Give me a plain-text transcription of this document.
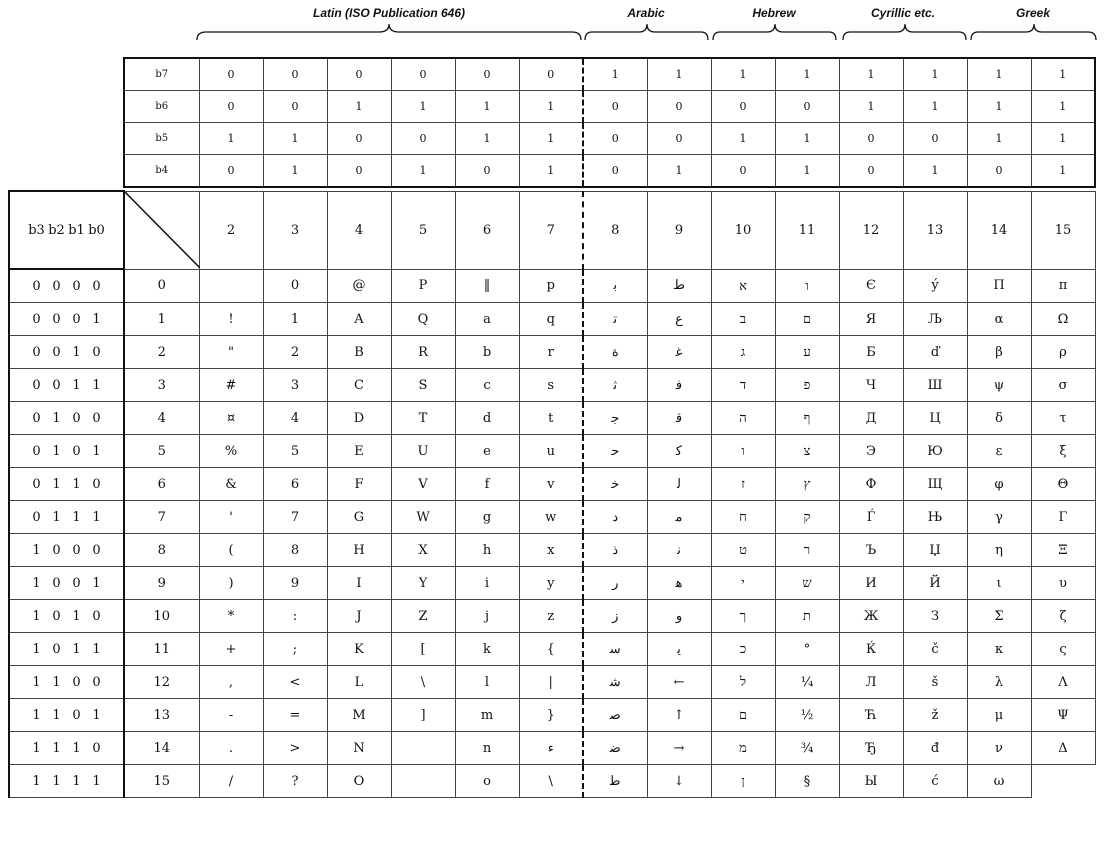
Latin (ISO Publication 646)	Arabic	Hebrew	Cyrillic etc.	Greek
b7	0	0	0	0	0	0	1	1	1	1	1	1	1	1
b6	0	0	1	1	1	1	0	0	0	0	1	1	1	1
b5	1	1	0	0	1	1	0	0	1	1	0	0	1	1
b4	0	1	0	1	0	1	0	1	0	1	0	1	0	1
b3 b2 b1 b0		2	3	4	5	6	7	8	9	10	11	12	13	14	15
0 0 0 0	0		0	@	P	‖	p	ﺑ	ﻁ	א	ו	Є	ý	Π	π
0 0 0 1	1	!	1	A	Q	a	q	ﺗ	ﻉ	ב	ם	Я	Љ	α	Ω
0 0 1 0	2	"	2	B	R	b	r	ة	ﻏ	ג	ע	Б	ď	β	ρ
0 0 1 1	3	#	3	C	S	c	s	ﺛ	ﻓ	ד	פ	Ч	Ш	ψ	σ
0 1 0 0	4	¤	4	D	T	d	t	ﺟ	ﻗ	ה	ף	Д	Ц	δ	τ
0 1 0 1	5	%	5	E	U	e	u	ﺣ	ﻛ	ו	צ	Э	Ю	ε	ξ
0 1 1 0	6	&	6	F	V	f	v	ﺧ	ﻟ	ז	ץ	Ф	Щ	φ	Θ
0 1 1 1	7	'	7	G	W	g	w	د	ﻣ	ח	ק	Ѓ	Њ	γ	Γ
1 0 0 0	8	(	8	H	X	h	x	ذ	ﻧ	ט	ר	Ъ	Џ	η	Ξ
1 0 0 1	9	)	9	I	Y	i	y	ر	ﻫ	י	ש	И	Й	ι	υ
1 0 1 0	10	*	:	J	Z	j	z	ز	و	ך	ת	Ж	З	Σ	ζ
1 0 1 1	11	+	;	K	[	k	{	ﺳ	ﻳ	כ	°	Ќ	č	κ	ς
1 1 0 0	12	,	<	L	\	l	|	ﺷ	←	ל	¼	Л	š	λ	Λ
1 1 0 1	13	-	=	M	]	m	}	ﺻ	↑	ם	½	Ћ	ž	μ	Ψ
1 1 1 0	14	.	>	N		n	ء	ﺿ	→	מ	¾	Ђ	đ	ν	Δ
1 1 1 1	15	/	?	O		o	\	ﻃ	↓	ן	§	Ы	ć	ω	
